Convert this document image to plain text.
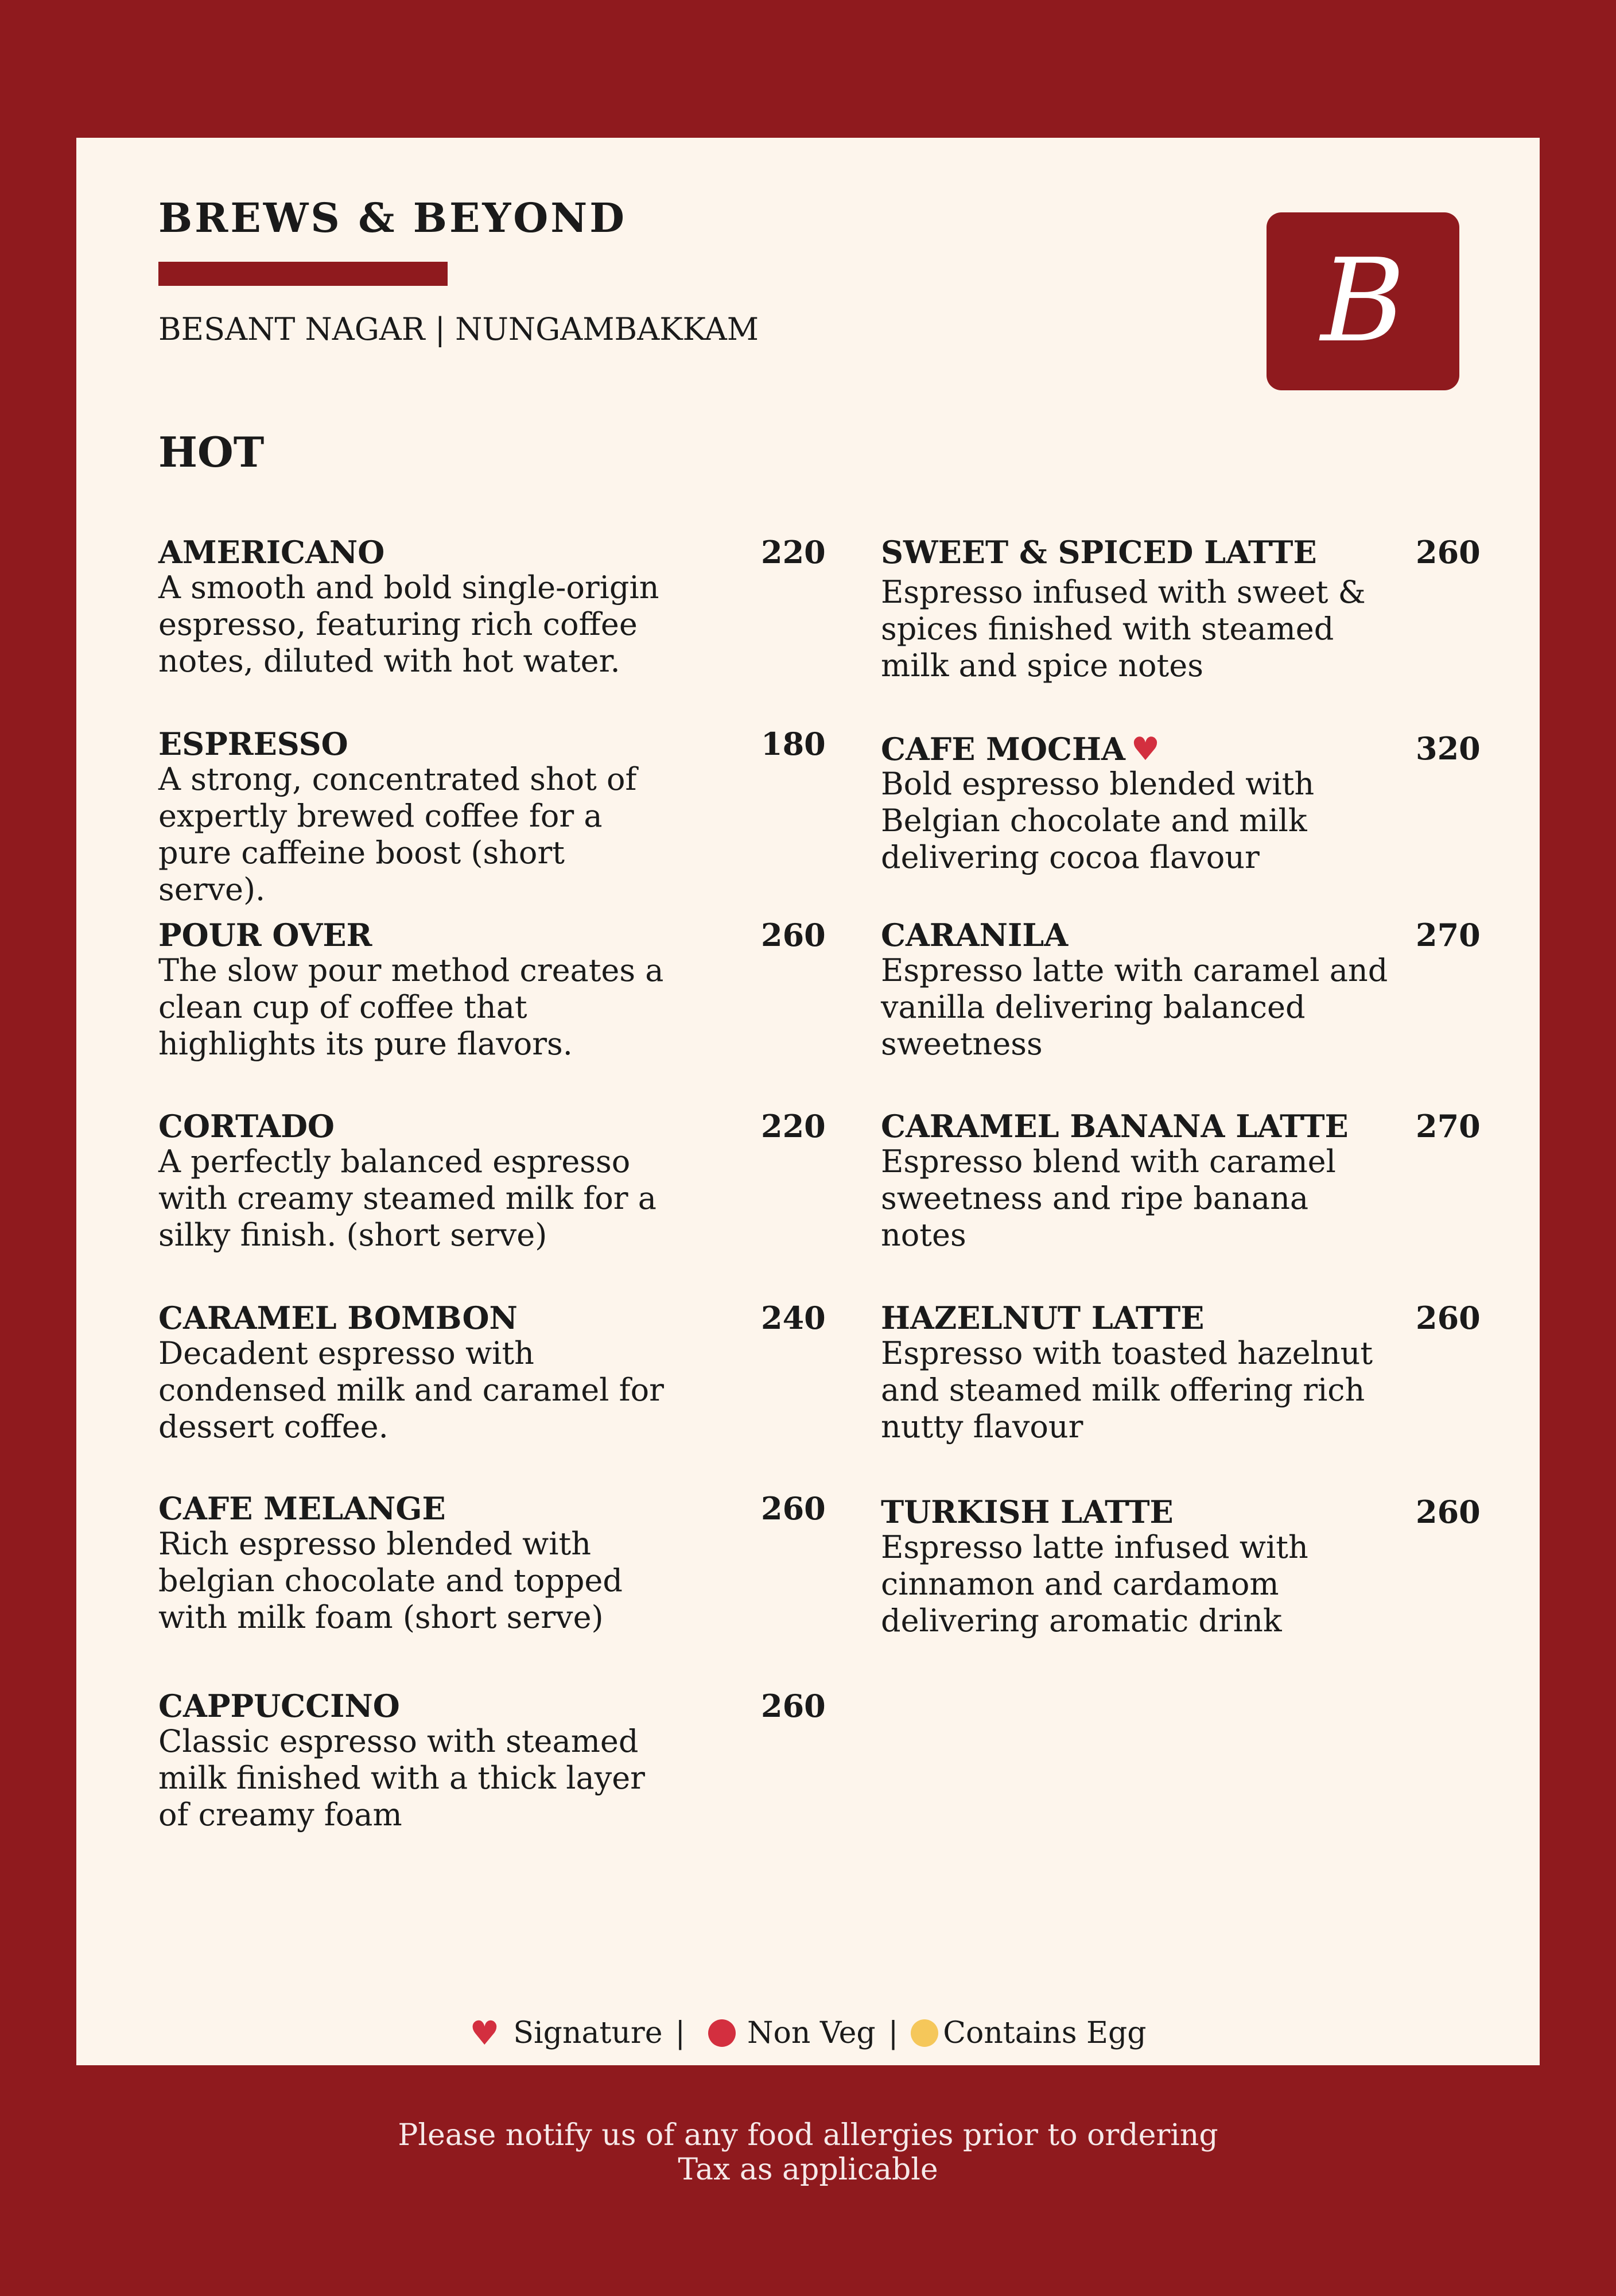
BREWS & BEYOND
BESANT NAGAR | NUNGAMBAKKAM	B
HOT
AMERICANO	220
A smooth and bold single-origin espresso, featuring rich coffee notes, diluted with hot water.
ESPRESSO	180
A strong, concentrated shot of expertly brewed coffee for a pure caffeine boost (short serve).
POUR OVER	260
The slow pour method creates a clean cup of coffee that highlights its pure flavors.
CORTADO	220
A perfectly balanced espresso with creamy steamed milk for a silky finish. (short serve)
CARAMEL BOMBON	240
Decadent espresso with condensed milk and caramel for dessert coffee.
CAFE MELANGE	260
Rich espresso blended with belgian chocolate and topped with milk foam (short serve)
CAPPUCCINO	260
Classic espresso with steamed milk finished with a thick layer of creamy foam
SWEET & SPICED LATTE	260
Espresso infused with sweet & spices finished with steamed milk and spice notes
CAFE MOCHA ♥	320
Bold espresso blended with Belgian chocolate and milk delivering cocoa flavour
CARANILA	270
Espresso latte with caramel and vanilla delivering balanced sweetness
CARAMEL BANANA LATTE 270
Espresso blend with caramel sweetness and ripe banana notes
HAZELNUT LATTE	260
Espresso with toasted hazelnut and steamed milk offering rich nutty flavour
TURKISH LATTE	260
Espresso latte infused with cinnamon and cardamom delivering aromatic drink
♥ Signature | Non Veg | Contains Egg
Please notify us of any food allergies prior to ordering
Tax as applicable
